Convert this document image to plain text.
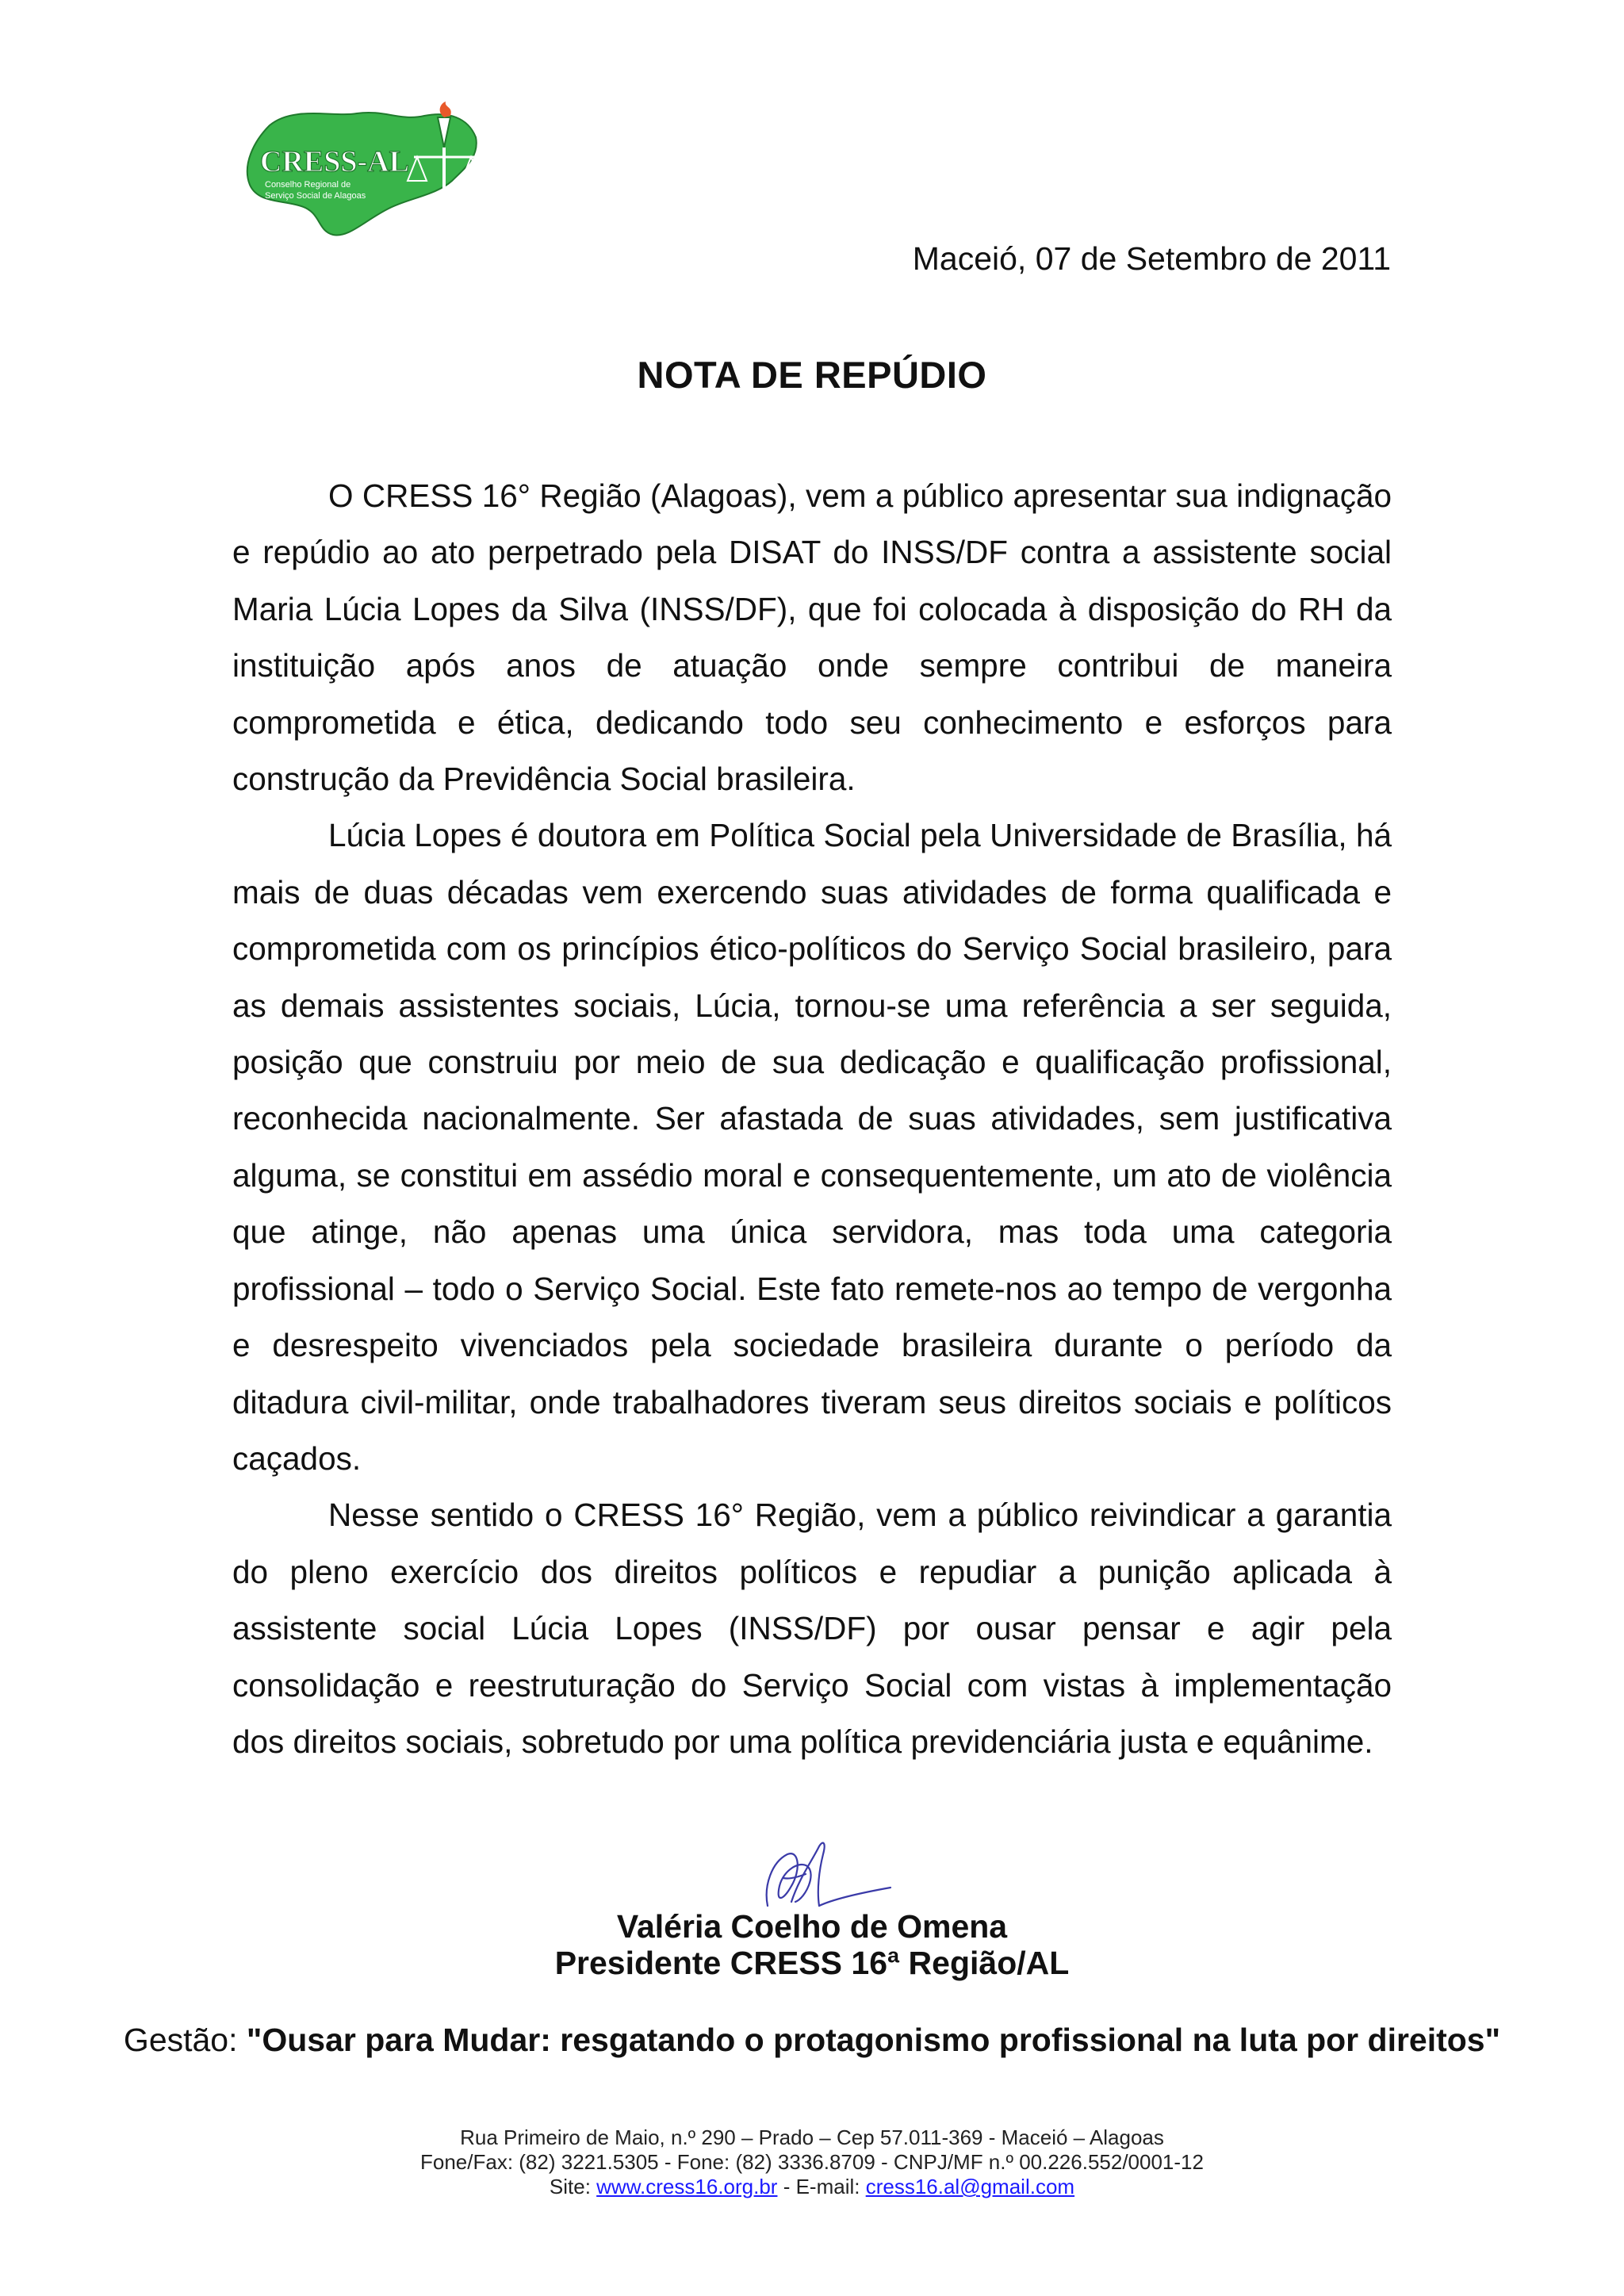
CRESS-AL
Conselho Regional de
Serviço Social de Alagoas
Maceió, 07 de Setembro de 2011
NOTA DE REPÚDIO

O CRESS 16° Região (Alagoas), vem a público apresentar sua indignação e repúdio ao ato perpetrado pela DISAT do INSS/DF contra a assistente social Maria Lúcia Lopes da Silva (INSS/DF), que foi colocada à disposição do RH da instituição após anos de atuação onde sempre contribui de maneira comprometida e ética, dedicando todo seu conhecimento e esforços para construção da Previdência Social brasileira.

Lúcia Lopes é doutora em Política Social pela Universidade de Brasília, há mais de duas décadas vem exercendo suas atividades de forma qualificada e comprometida com os princípios ético-políticos do Serviço Social brasileiro, para as demais assistentes sociais, Lúcia, tornou-se uma referência a ser seguida, posição que construiu por meio de sua dedicação e qualificação profissional, reconhecida nacionalmente. Ser afastada de suas atividades, sem justificativa alguma, se constitui em assédio moral e consequentemente, um ato de violência que atinge, não apenas uma única servidora, mas toda uma categoria profissional – todo o Serviço Social. Este fato remete-nos ao tempo de vergonha e desrespeito vivenciados pela sociedade brasileira durante o período da ditadura civil-militar, onde trabalhadores tiveram seus direitos sociais e políticos caçados.

Nesse sentido o CRESS 16° Região, vem a público reivindicar a garantia do pleno exercício dos direitos políticos e repudiar a punição aplicada à assistente social Lúcia Lopes (INSS/DF) por ousar pensar e agir pela consolidação e reestruturação do Serviço Social com vistas à implementação dos direitos sociais, sobretudo por uma política previdenciária justa e equânime.

Valéria Coelho de Omena
Presidente CRESS 16ª Região/AL
Gestão: "Ousar para Mudar: resgatando o protagonismo profissional na luta por direitos"
Rua Primeiro de Maio, n.º 290 – Prado – Cep 57.011-369 - Maceió – Alagoas
Fone/Fax: (82) 3221.5305 - Fone: (82) 3336.8709 - CNPJ/MF n.º 00.226.552/0001-12
Site: www.cress16.org.br - E-mail: cress16.al@gmail.com
